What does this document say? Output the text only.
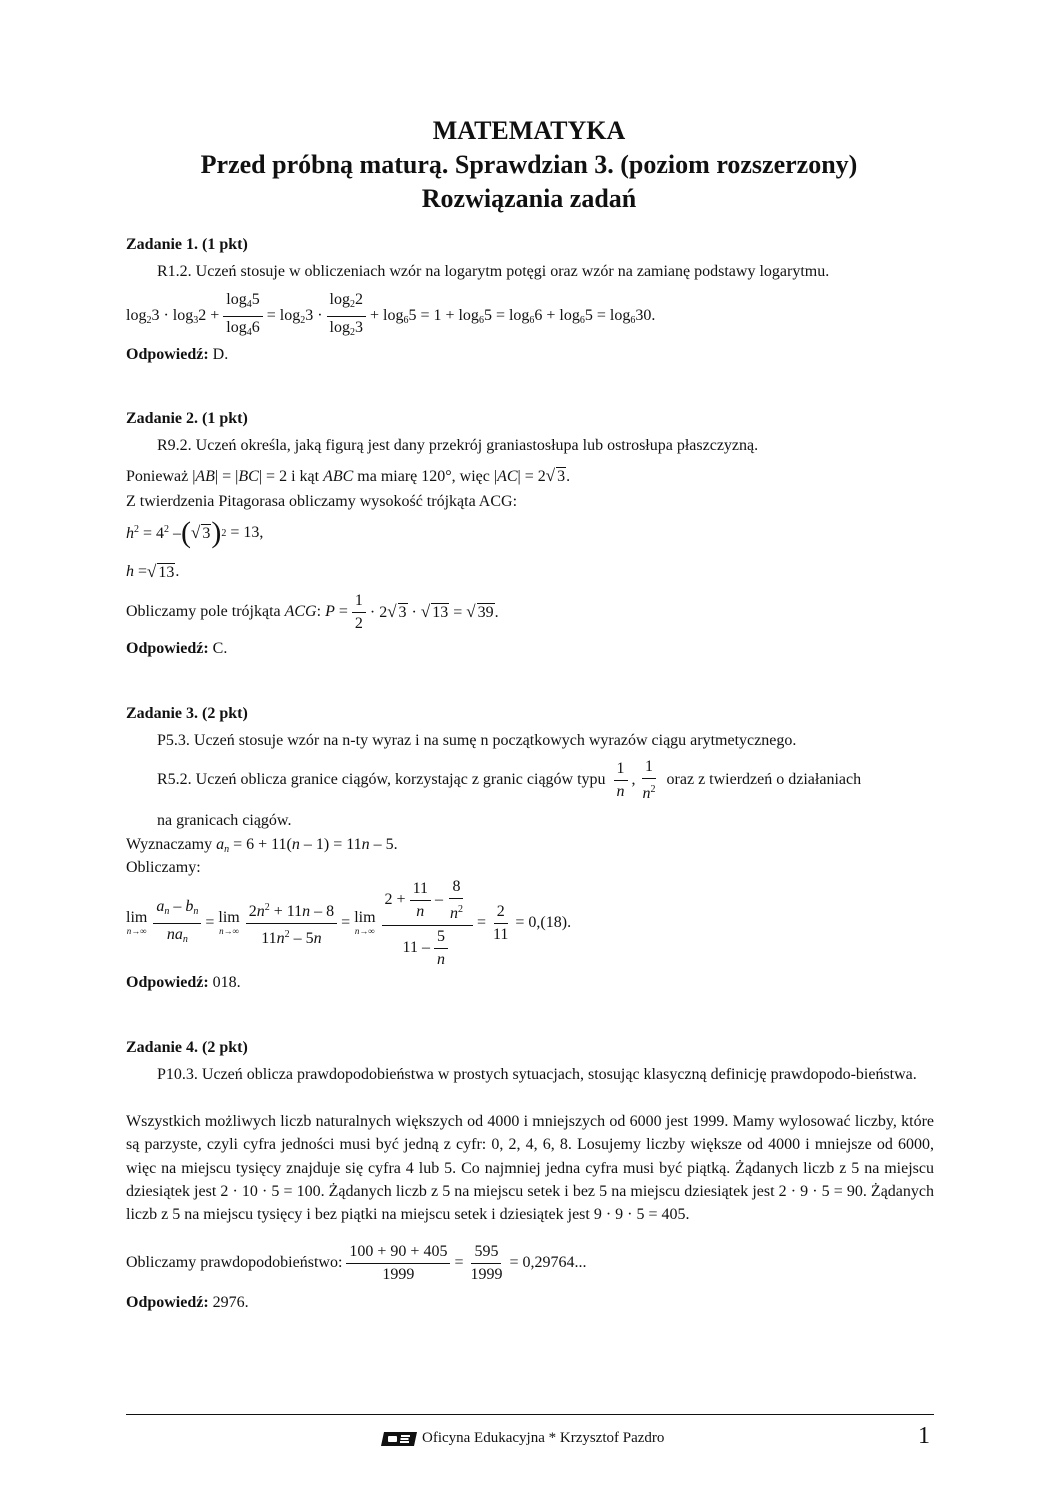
MATEMATYKA
Przed próbną maturą. Sprawdzian 3. (poziom rozszerzony)
Rozwiązania zadań
Zadanie 1. (1 pkt)
R1.2. Uczeń stosuje w obliczeniach wzór na logarytm potęgi oraz wzór na zamianę podstawy logarytmu.
$\log_23 \cdot \log_32 + \frac{\log_45}{\log_46} = \log_23 \cdot \frac{\log_22}{\log_23} + \log_65 = 1 + \log_65 = \log_66 + \log_65 = \log_630$.
Odpowiedź: D.
Zadanie 2. (1 pkt)
R9.2. Uczeń określa, jaką figurą jest dany przekrój graniastosłupa lub ostrosłupa płaszczyzną.
Ponieważ |AB| = |BC| = 2 i kąt ABC ma miarę 120°, więc |AC| = 2√ 3.
Z twierdzenia Pitagorasa obliczamy wysokość trójkąta ACG:
$h^2 = 4^2$ – ( √ 3 ) 2 = 13,
h = √ 13 .
Obliczamy pole trójkąta ACG: $P = \frac{1}{2} \cdot 2√$ 3 · √ 13 = √ 39.
Odpowiedź: C.
Zadanie 3. (2 pkt)
P5.3. Uczeń stosuje wzór na n-ty wyraz i na sumę n początkowych wyrazów ciągu arytmetycznego.
R5.2. Uczeń oblicza granice ciągów, korzystając z granic ciągów typu $\frac{1}{n}$ , $\frac{1}{n^2}$ oraz z twierdzeń o działaniach
na granicach ciągów.
Wyznaczamy $a_n = 6 + 11(n - 1) = 11n - 5$.
Obliczamy:
lim
$n\to\infty \frac{a_n - b_n}{na_n} = \lim$
$n\to\infty \frac{2n^2 + 11n - 8}{11n^2 - 5n} = \lim$
$n\to\infty \frac{2 + \frac{11}{n} - \frac{8}{n^2}}{11 - \frac{5}{n}} = \frac{2}{11} = 0,(18)$.
Odpowiedź: 018.
Zadanie 4. (2 pkt)
P10.3. Uczeń oblicza prawdopodobieństwa w prostych sytuacjach, stosując klasyczną definicję prawdopodo-bieństwa.
Wszystkich możliwych liczb naturalnych większych od 4000 i mniejszych od 6000 jest 1999. Mamy wylosować liczby, które są parzyste, czyli cyfra jedności musi być jedną z cyfr: 0, 2, 4, 6, 8. Losujemy liczby większe od 4000 i mniejsze od 6000, więc na miejscu tysięcy znajduje się cyfra 4 lub 5. Co najmniej jedna cyfra musi być piątką. Żądanych liczb z 5 na miejscu dziesiątek jest 2 · 10 · 5 = 100. Żądanych liczb z 5 na miejscu setek i bez 5 na miejscu dziesiątek jest 2 · 9 · 5 = 90. Żądanych liczb z 5 na miejscu tysięcy i bez piątki na miejscu setek i dziesiątek jest 9 · 9 · 5 = 405.
Obliczamy prawdopodobieństwo: $\frac{100 + 90 + 405}{1999} = \frac{595}{1999} = 0,29764$...
Odpowiedź: 2976.
Oficyna Edukacyjna * Krzysztof Pazdro	1
